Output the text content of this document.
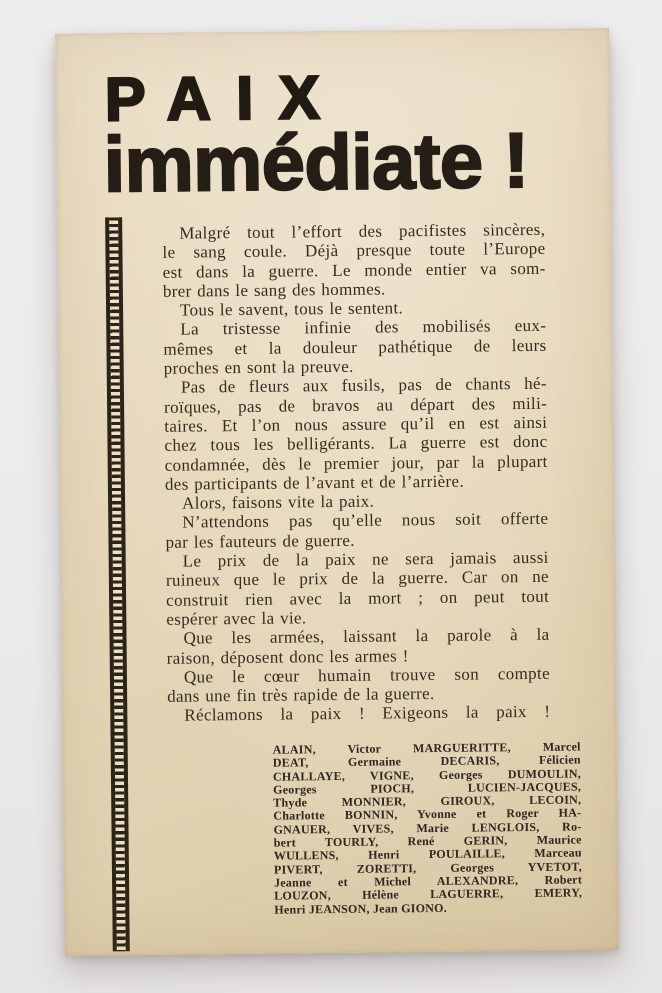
PAIX
immédiate !
Malgré tout l’effort des pacifistes sincères,
le sang coule. Déjà presque toute l’Europe
est dans la guerre. Le monde entier va som-
brer dans le sang des hommes.
Tous le savent, tous le sentent.
La tristesse infinie des mobilisés eux-
mêmes et la douleur pathétique de leurs
proches en sont la preuve.
Pas de fleurs aux fusils, pas de chants hé-
roïques, pas de bravos au départ des mili-
taires. Et l’on nous assure qu’il en est ainsi
chez tous les belligérants. La guerre est donc
condamnée, dès le premier jour, par la plupart
des participants de l’avant et de l’arrière.
Alors, faisons vite la paix.
N’attendons pas qu’elle nous soit offerte
par les fauteurs de guerre.
Le prix de la paix ne sera jamais aussi
ruineux que le prix de la guerre. Car on ne
construit rien avec la mort ; on peut tout
espérer avec la vie.
Que les armées, laissant la parole à la
raison, déposent donc les armes !
Que le cœur humain trouve son compte
dans une fin très rapide de la guerre.
Réclamons la paix ! Exigeons la paix !
ALAIN, Victor MARGUERITTE, Marcel
DEAT, Germaine DECARIS, Félicien
CHALLAYE, VIGNE, Georges DUMOULIN,
Georges PIOCH, LUCIEN-JACQUES,
Thyde MONNIER, GIROUX, LECOIN,
Charlotte BONNIN, Yvonne et Roger HA-
GNAUER, VIVES, Marie LENGLOIS, Ro-
bert TOURLY, René GERIN, Maurice
WULLENS, Henri POULAILLE, Marceau
PIVERT, ZORETTI, Georges YVETOT,
Jeanne et Michel ALEXANDRE, Robert
LOUZON, Hélène LAGUERRE, EMERY,
Henri JEANSON, Jean GIONO.
